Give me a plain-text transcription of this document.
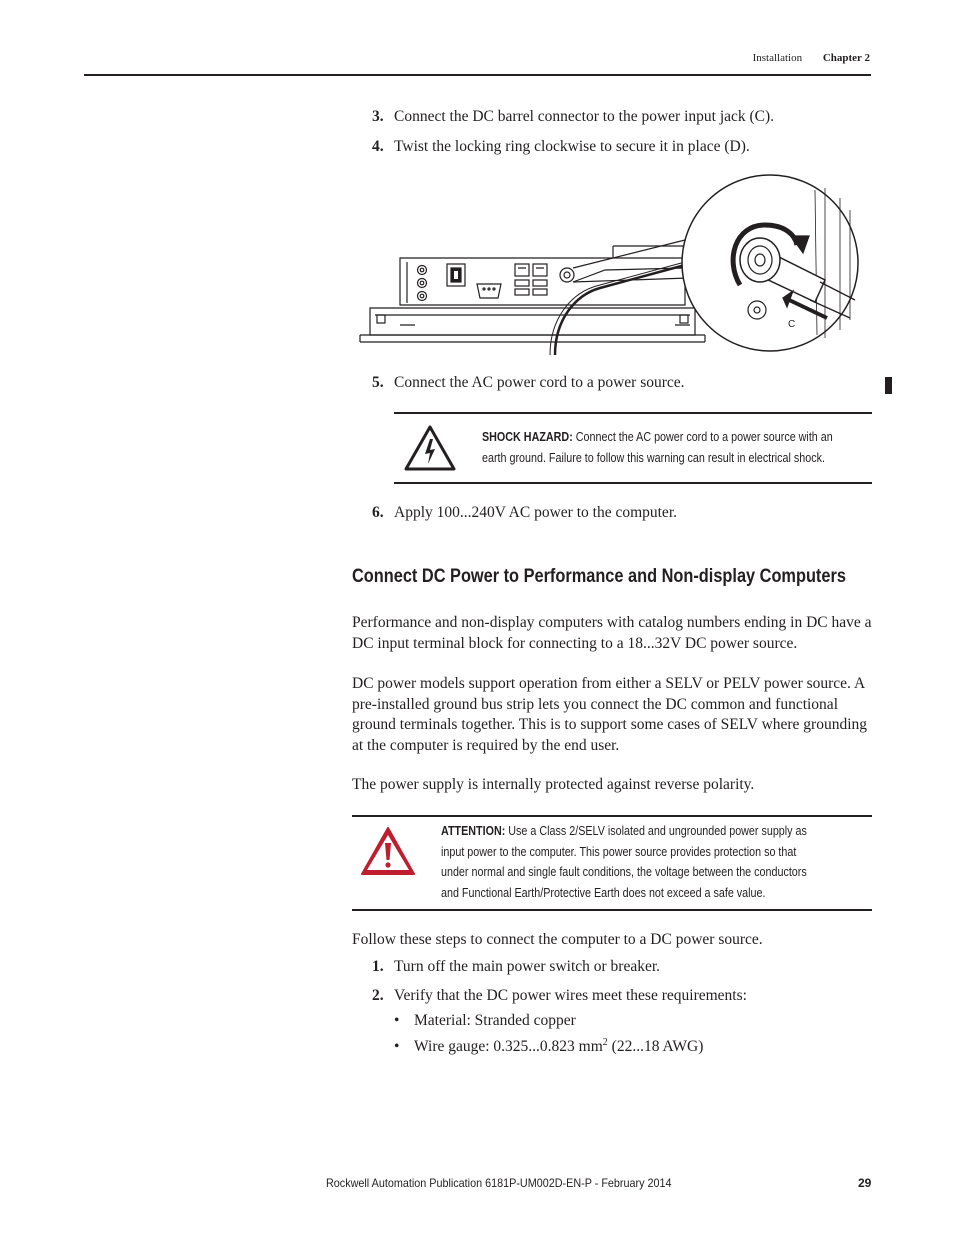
Installation Chapter 2
3. Connect the DC barrel connector to the power input jack (C).
4. Twist the locking ring clockwise to secure it in place (D).
D
C
5. Connect the AC power cord to a power source.
SHOCK HAZARD: Connect the AC power cord to a power source with an
earth ground. Failure to follow this warning can result in electrical shock.
6. Apply 100...240V AC power to the computer.
Connect DC Power to Performance and Non-display Computers
Performance and non-display computers with catalog numbers ending in DC have a DC input terminal block for connecting to a 18...32V DC power source.
DC power models support operation from either a SELV or PELV power source. A pre-installed ground bus strip lets you connect the DC common and functional ground terminals together. This is to support some cases of SELV where grounding at the computer is required by the end user.
The power supply is internally protected against reverse polarity.
ATTENTION: Use a Class 2/SELV isolated and ungrounded power supply as
input power to the computer. This power source provides protection so that
under normal and single fault conditions, the voltage between the conductors
and Functional Earth/Protective Earth does not exceed a safe value.
Follow these steps to connect the computer to a DC power source.
1. Turn off the main power switch or breaker.
2. Verify that the DC power wires meet these requirements:
• Material: Stranded copper
• Wire gauge: 0.325...0.823 $mm^2$ (22...18 AWG)
Rockwell Automation Publication 6181P-UM002D-EN-P - February 2014	29
